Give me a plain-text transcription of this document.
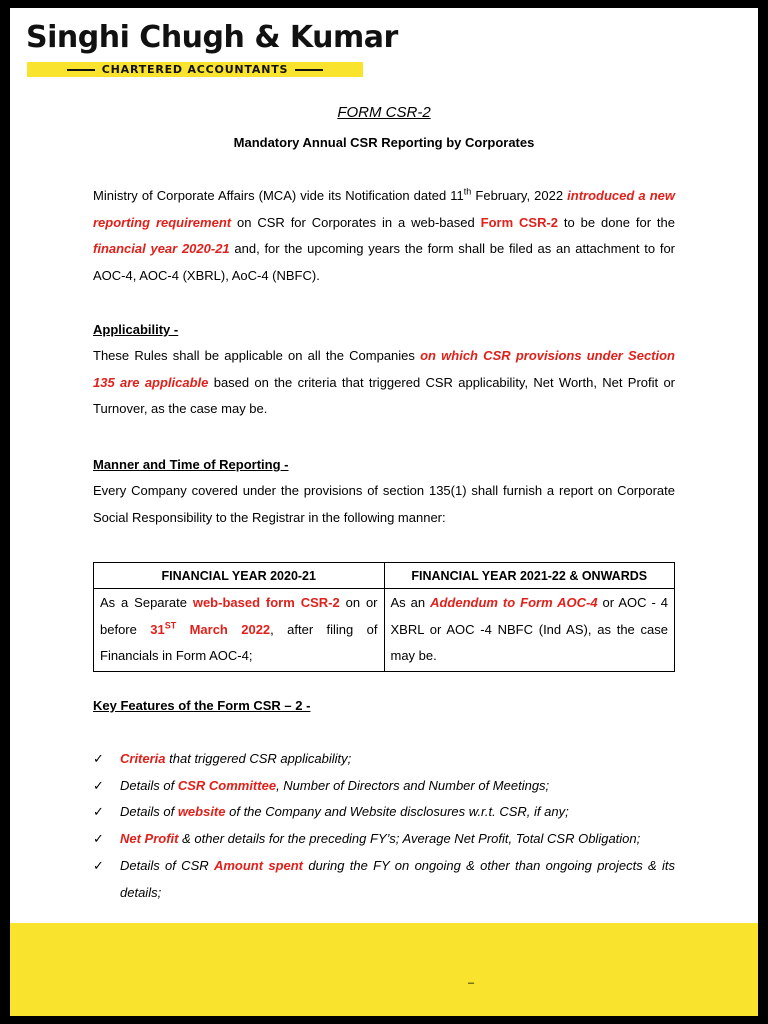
Singhi Chugh & Kumar
CHARTERED ACCOUNTANTS
FORM CSR-2
Mandatory Annual CSR Reporting by Corporates

Ministry of Corporate Affairs (MCA) vide its Notification dated 11th February, 2022 introduced a new reporting requirement on CSR for Corporates in a web-based Form CSR-2 to be done for the financial year 2020-21 and, for the upcoming years the form shall be filed as an attachment to for AOC-4, AOC-4 (XBRL), AoC-4 (NBFC).

Applicability -

These Rules shall be applicable on all the Companies on which CSR provisions under Section 135 are applicable based on the criteria that triggered CSR applicability, Net Worth, Net Profit or Turnover, as the case may be.

Manner and Time of Reporting -

Every Company covered under the provisions of section 135(1) shall furnish a report on Corporate Social Responsibility to the Registrar in the following manner:

FINANCIAL YEAR 2020-21	FINANCIAL YEAR 2021-22 & ONWARDS
As a Separate web-based form CSR-2 on or before 31ST March 2022, after filing of Financials in Form AOC-4;	As an Addendum to Form AOC-4 or AOC - 4 XBRL or AOC -4 NBFC (Ind AS), as the case may be.
Key Features of the Form CSR – 2 -
✓ Criteria that triggered CSR applicability;
✓ Details of CSR Committee, Number of Directors and Number of Meetings;
✓ Details of website of the Company and Website disclosures w.r.t. CSR, if any;
✓ Net Profit & other details for the preceding FY’s; Average Net Profit, Total CSR Obligation;
✓ Details of CSR Amount spent during the FY on ongoing & other than ongoing projects & its details;
–
